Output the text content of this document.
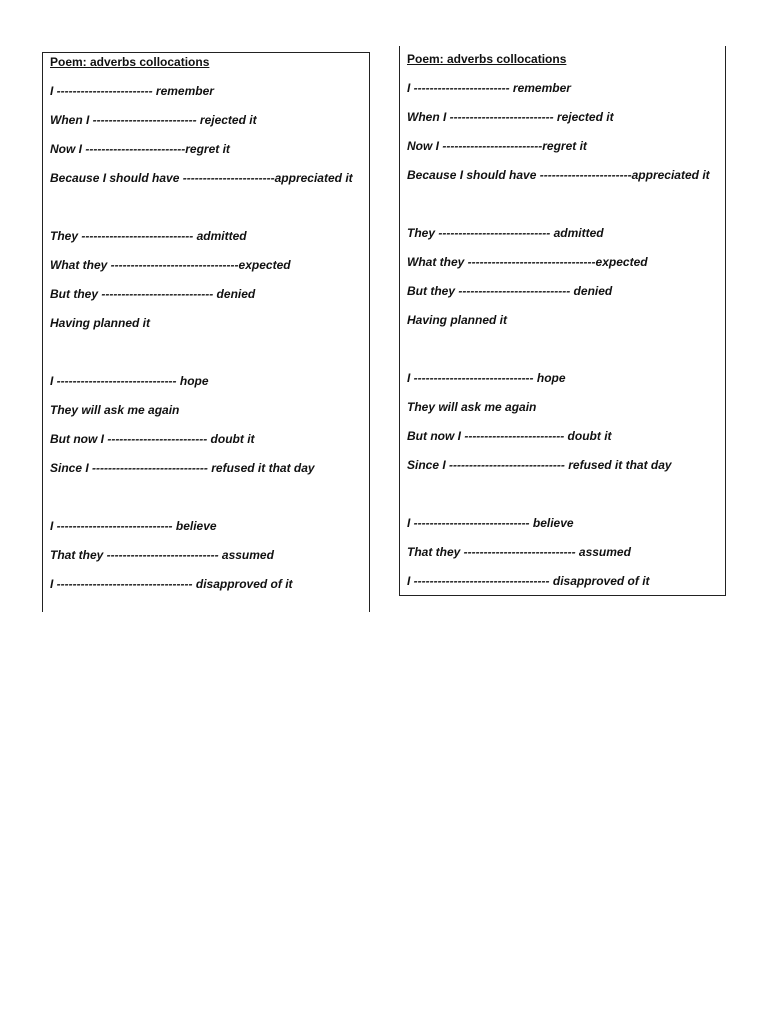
Poem: adverbs collocations
I ------------------------ remember
When I -------------------------- rejected it
Now I -------------------------regret it
Because I should have -----------------------appreciated it
They ---------------------------- admitted
What they --------------------------------expected
But they ---------------------------- denied
Having planned it
I ------------------------------ hope
They will ask me again
But now I ------------------------- doubt it
Since I ----------------------------- refused it that day
I ----------------------------- believe
That they ---------------------------- assumed
I ---------------------------------- disapproved of it
Poem: adverbs collocations
I ------------------------ remember
When I -------------------------- rejected it
Now I -------------------------regret it
Because I should have -----------------------appreciated it
They ---------------------------- admitted
What they --------------------------------expected
But they ---------------------------- denied
Having planned it
I ------------------------------ hope
They will ask me again
But now I ------------------------- doubt it
Since I ----------------------------- refused it that day
I ----------------------------- believe
That they ---------------------------- assumed
I ---------------------------------- disapproved of it
